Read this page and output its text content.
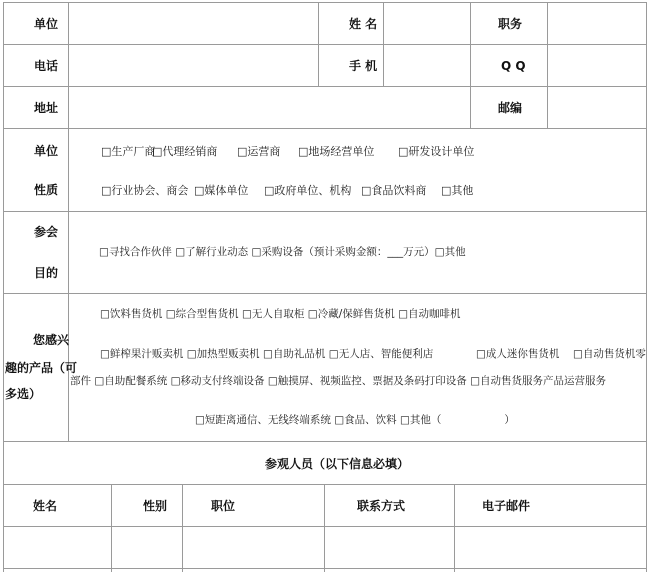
单位	姓 名	职务
电话	手 机	Q Q
地址	邮编
单位
性质
□生产厂商
□代理经销商 □运营商 □地场经营单位 □研发设计单位
□行业协会、商会 □媒体单位 □政府单位、机构 □食品饮料商 □其他
参会
目的
□寻找合作伙伴 □了解行业动态 □采购设备（预计采购金额：___万元）□其他
您感兴
趣的产品（可
多选）
□饮料售货机 □综合型售货机 □无人自取柜 □冷藏/保鲜售货机 □自动咖啡机
□鲜榨果汁贩卖机 □加热型贩卖机 □自助礼品机 □无人店、智能便利店	□成人迷你售货机 □自动售货机零
部件 □自助配餐系统 □移动支付终端设备 □触摸屏、视频监控、票据及条码打印设备 □自动售货服务产品运营服务
□短距离通信、无线终端系统 □食品、饮料 □其他（　　　　　　）
参观人员（以下信息必填）
姓名	性别	职位	联系方式	电子邮件
